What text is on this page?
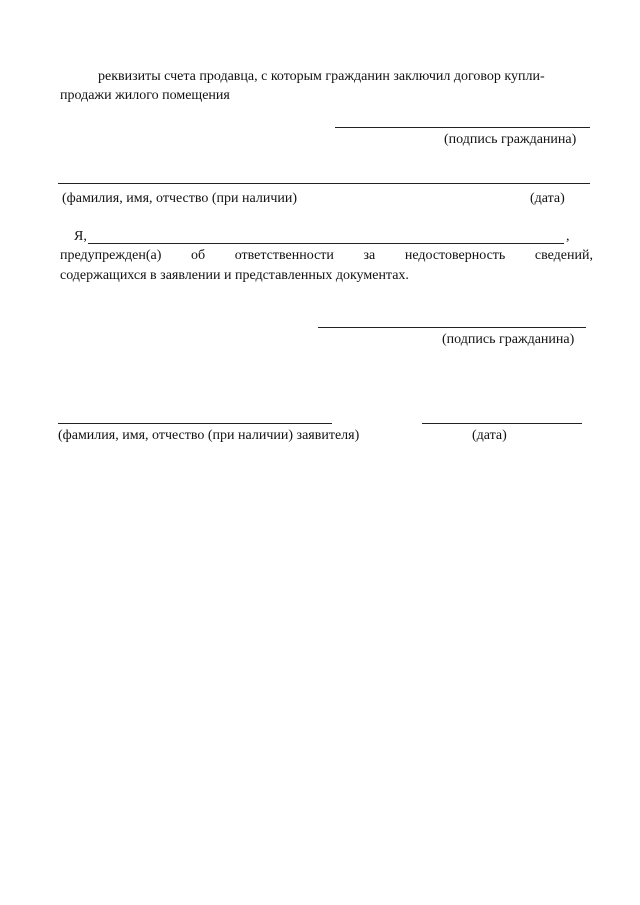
реквизиты счета продавца, с которым гражданин заключил договор купли-
продажи жилого помещения
(подпись гражданина)
(фамилия, имя, отчество (при наличии)	(дата)
Я,	,
предупрежден(а) об ответственности за недостоверность сведений,
содержащихся в заявлении и представленных документах.
(подпись гражданина)
(фамилия, имя, отчество (при наличии) заявителя)	(дата)
